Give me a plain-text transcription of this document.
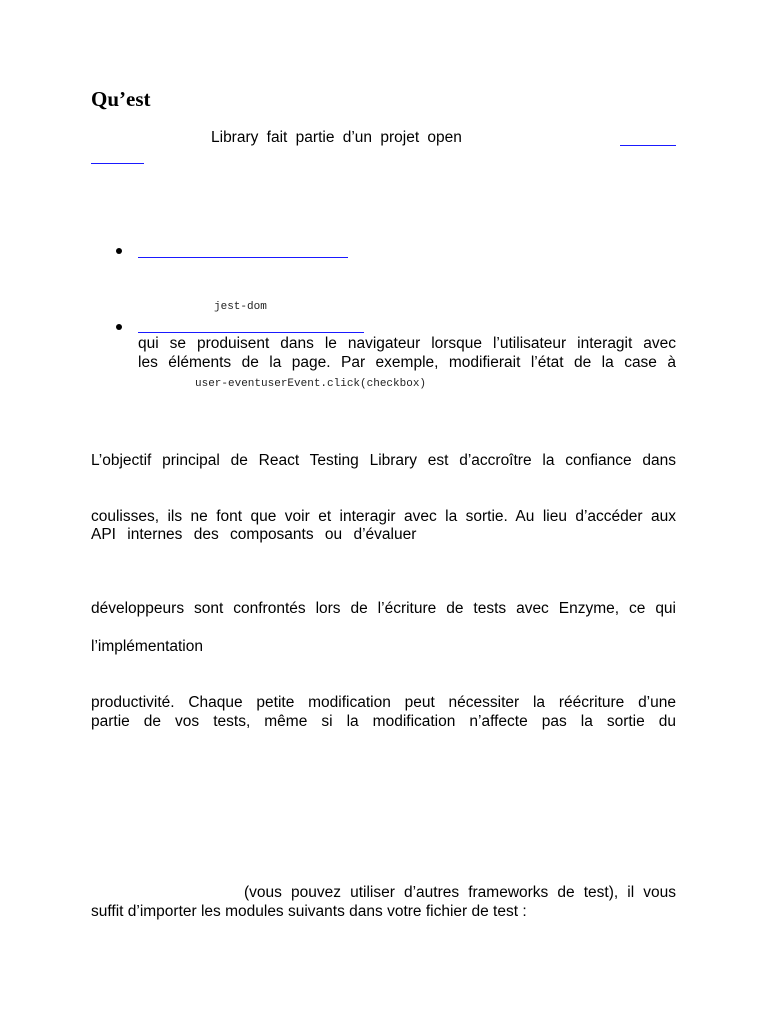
Qu’est
Library fait partie d’un projet open
jest-dom
qui se produisent dans le navigateur lorsque l’utilisateur interagit avec
les éléments de la page. Par exemple, modifierait l’état de la case à
user-eventuserEvent.click(checkbox)
L’objectif principal de React Testing Library est d’accroître la confiance dans
coulisses, ils ne font que voir et interagir avec la sortie. Au lieu d’accéder aux
API internes des composants ou d’évaluer
développeurs sont confrontés lors de l’écriture de tests avec Enzyme, ce qui
l’implémentation
productivité. Chaque petite modification peut nécessiter la réécriture d’une
partie de vos tests, même si la modification n’affecte pas la sortie du
(vous pouvez utiliser d’autres frameworks de test), il vous
suffit d’importer les modules suivants dans votre fichier de test :
